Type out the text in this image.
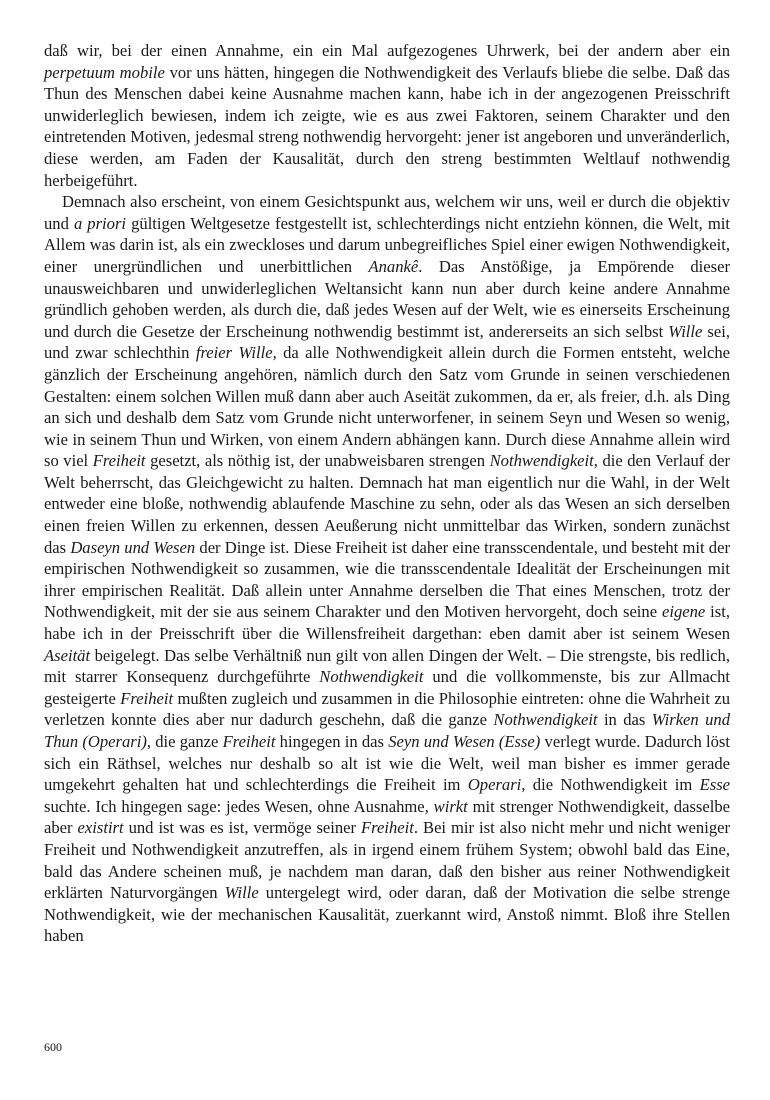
daß wir, bei der einen Annahme, ein ein Mal aufgezogenes Uhrwerk, bei der andern aber ein perpetuum mobile vor uns hätten, hingegen die Nothwendigkeit des Verlaufs bliebe die selbe. Daß das Thun des Menschen dabei keine Ausnahme machen kann, habe ich in der angezogenen Preisschrift unwiderleglich bewiesen, indem ich zeigte, wie es aus zwei Faktoren, seinem Charakter und den eintretenden Motiven, jedesmal streng nothwendig hervorgeht: jener ist angeboren und unveränderlich, diese werden, am Faden der Kausalität, durch den streng bestimmten Weltlauf nothwendig herbeigeführt.

Demnach also erscheint, von einem Gesichtspunkt aus, welchem wir uns, weil er durch die objektiv und a priori gültigen Weltgesetze festgestellt ist, schlechterdings nicht entziehn können, die Welt, mit Allem was darin ist, als ein zweckloses und darum unbegreifliches Spiel einer ewigen Nothwendigkeit, einer unergründlichen und unerbittlichen Anankê. Das Anstößige, ja Empörende dieser unausweichbaren und unwiderleglichen Weltansicht kann nun aber durch keine andere Annahme gründlich gehoben werden, als durch die, daß jedes Wesen auf der Welt, wie es einerseits Erscheinung und durch die Gesetze der Erscheinung nothwendig bestimmt ist, andererseits an sich selbst Wille sei, und zwar schlechthin freier Wille, da alle Nothwendigkeit allein durch die Formen entsteht, welche gänzlich der Erscheinung angehören, nämlich durch den Satz vom Grunde in seinen verschiedenen Gestalten: einem solchen Willen muß dann aber auch Aseität zukommen, da er, als freier, d.h. als Ding an sich und deshalb dem Satz vom Grunde nicht unterworfener, in seinem Seyn und Wesen so wenig, wie in seinem Thun und Wirken, von einem Andern abhängen kann. Durch diese Annahme allein wird so viel Freiheit gesetzt, als nöthig ist, der unabweisbaren strengen Nothwendigkeit, die den Verlauf der Welt beherrscht, das Gleichgewicht zu halten. Demnach hat man eigentlich nur die Wahl, in der Welt entweder eine bloße, nothwendig ablaufende Maschine zu sehn, oder als das Wesen an sich derselben einen freien Willen zu erkennen, dessen Aeußerung nicht unmittelbar das Wirken, sondern zunächst das Daseyn und Wesen der Dinge ist. Diese Freiheit ist daher eine transscendentale, und besteht mit der empirischen Nothwendigkeit so zusammen, wie die transscendentale Idealität der Erscheinungen mit ihrer empirischen Realität. Daß allein unter Annahme derselben die That eines Menschen, trotz der Nothwendigkeit, mit der sie aus seinem Charakter und den Motiven hervorgeht, doch seine eigene ist, habe ich in der Preisschrift über die Willensfreiheit dargethan: eben damit aber ist seinem Wesen Aseität beigelegt. Das selbe Verhältniß nun gilt von allen Dingen der Welt. – Die strengste, bis redlich, mit starrer Konsequenz durchgeführte Nothwendigkeit und die vollkommenste, bis zur Allmacht gesteigerte Freiheit mußten zugleich und zusammen in die Philosophie eintreten: ohne die Wahrheit zu verletzen konnte dies aber nur dadurch geschehn, daß die ganze Nothwendigkeit in das Wirken und Thun (Operari), die ganze Freiheit hingegen in das Seyn und Wesen (Esse) verlegt wurde. Dadurch löst sich ein Räthsel, welches nur deshalb so alt ist wie die Welt, weil man bisher es immer gerade umgekehrt gehalten hat und schlechterdings die Freiheit im Operari, die Nothwendigkeit im Esse suchte. Ich hingegen sage: jedes Wesen, ohne Ausnahme, wirkt mit strenger Nothwendigkeit, dasselbe aber existirt und ist was es ist, vermöge seiner Freiheit. Bei mir ist also nicht mehr und nicht weniger Freiheit und Nothwendigkeit anzutreffen, als in irgend einem frühem System; obwohl bald das Eine, bald das Andere scheinen muß, je nachdem man daran, daß den bisher aus reiner Nothwendigkeit erklärten Naturvorgängen Wille untergelegt wird, oder daran, daß der Motivation die selbe strenge Nothwendigkeit, wie der mechanischen Kausalität, zuerkannt wird, Anstoß nimmt. Bloß ihre Stellen haben

600
